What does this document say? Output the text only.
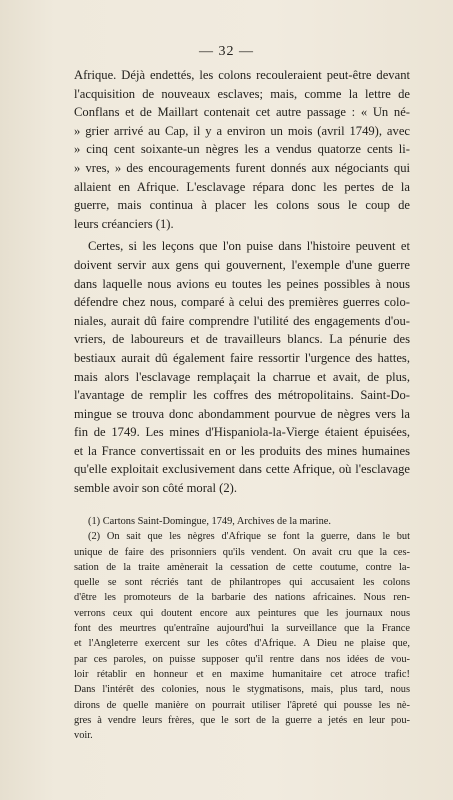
— 32 —
Afrique. Déjà endettés, les colons recouleraient peut-être devant
l'acquisition de nouveaux esclaves; mais, comme la lettre de
Conflans et de Maillart contenait cet autre passage : « Un né-
» grier arrivé au Cap, il y a environ un mois (avril 1749), avec
» cinq cent soixante-un nègres les a vendus quatorze cents li-
» vres, » des encouragements furent donnés aux négociants qui
allaient en Afrique. L'esclavage répara donc les pertes de la
guerre, mais continua à placer les colons sous le coup de
leurs créanciers (1).
Certes, si les leçons que l'on puise dans l'histoire peuvent et
doivent servir aux gens qui gouvernent, l'exemple d'une guerre
dans laquelle nous avions eu toutes les peines possibles à nous
défendre chez nous, comparé à celui des premières guerres colo-
niales, aurait dû faire comprendre l'utilité des engagements d'ou-
vriers, de laboureurs et de travailleurs blancs. La pénurie des
bestiaux aurait dû également faire ressortir l'urgence des hattes,
mais alors l'esclavage remplaçait la charrue et avait, de plus,
l'avantage de remplir les coffres des métropolitains. Saint-Do-
mingue se trouva donc abondamment pourvue de nègres vers la
fin de 1749. Les mines d'Hispaniola-la-Vierge étaient épuisées,
et la France convertissait en or les produits des mines humaines
qu'elle exploitait exclusivement dans cette Afrique, où l'esclavage
semble avoir son côté moral (2).
(1) Cartons Saint-Domingue, 1749, Archives de la marine.
(2) On sait que les nègres d'Afrique se font la guerre, dans le but
unique de faire des prisonniers qu'ils vendent. On avait cru que la ces-
sation de la traite amènerait la cessation de cette coutume, contre la-
quelle se sont récriés tant de philantropes qui accusaient les colons
d'être les promoteurs de la barbarie des nations africaines. Nous ren-
verrons ceux qui doutent encore aux peintures que les journaux nous
font des meurtres qu'entraîne aujourd'hui la surveillance que la France
et l'Angleterre exercent sur les côtes d'Afrique. A Dieu ne plaise que,
par ces paroles, on puisse supposer qu'il rentre dans nos idées de vou-
loir rétablir en honneur et en maxime humanitaire cet atroce trafic!
Dans l'intérêt des colonies, nous le stygmatisons, mais, plus tard, nous
dirons de quelle manière on pourrait utiliser l'âpreté qui pousse les nè-
gres à vendre leurs frères, que le sort de la guerre a jetés en leur pou-
voir.
